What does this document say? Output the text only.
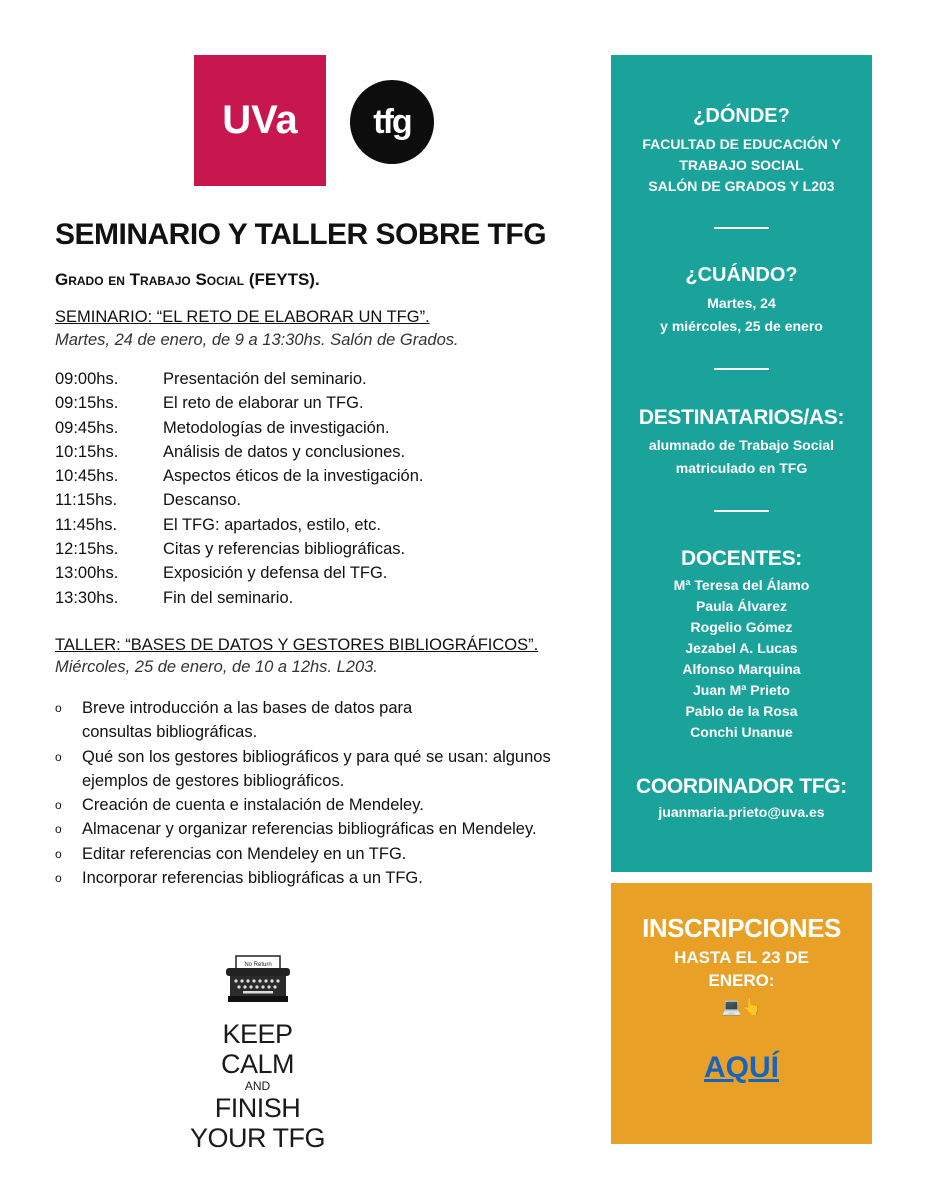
UVa tfg
SEMINARIO Y TALLER SOBRE TFG
Grado en Trabajo Social (FEYTS).
SEMINARIO: “EL RETO DE ELABORAR UN TFG”.
Martes, 24 de enero, de 9 a 13:30hs. Salón de Grados.
09:00hs.	Presentación del seminario.
09:15hs.	El reto de elaborar un TFG.
09:45hs.	Metodologías de investigación.
10:15hs.	Análisis de datos y conclusiones.
10:45hs.	Aspectos éticos de la investigación.
11:15hs.	Descanso.
11:45hs.	El TFG: apartados, estilo, etc.
12:15hs.	Citas y referencias bibliográficas.
13:00hs.	Exposición y defensa del TFG.
13:30hs.	Fin del seminario.
TALLER: “BASES DE DATOS Y GESTORES BIBLIOGRÁFICOS”.
Miércoles, 25 de enero, de 10 a 12hs. L203.
o	Breve introducción a las bases de datos para consultas bibliográficas.
o	Qué son los gestores bibliográficos y para qué se usan: algunos ejemplos de gestores bibliográficos.
o	Creación de cuenta e instalación de Mendeley.
o	Almacenar y organizar referencias bibliográficas en Mendeley.
o	Editar referencias con Mendeley en un TFG.
o	Incorporar referencias bibliográficas a un TFG.
No Return
KEEP
CALM
AND
FINISH
YOUR TFG
¿DÓNDE?
FACULTAD DE EDUCACIÓN Y
TRABAJO SOCIAL
SALÓN DE GRADOS Y L203
¿CUÁNDO?
Martes, 24
y miércoles, 25 de enero
DESTINATARIOS/AS:
alumnado de Trabajo Social
matriculado en TFG
DOCENTES:
Mª Teresa del Álamo
Paula Álvarez
Rogelio Gómez
Jezabel A. Lucas
Alfonso Marquina
Juan Mª Prieto
Pablo de la Rosa
Conchi Unanue
COORDINADOR TFG:
juanmaria.prieto@uva.es
INSCRIPCIONES
HASTA EL 23 DE
ENERO:
💻👆
AQUÍ
